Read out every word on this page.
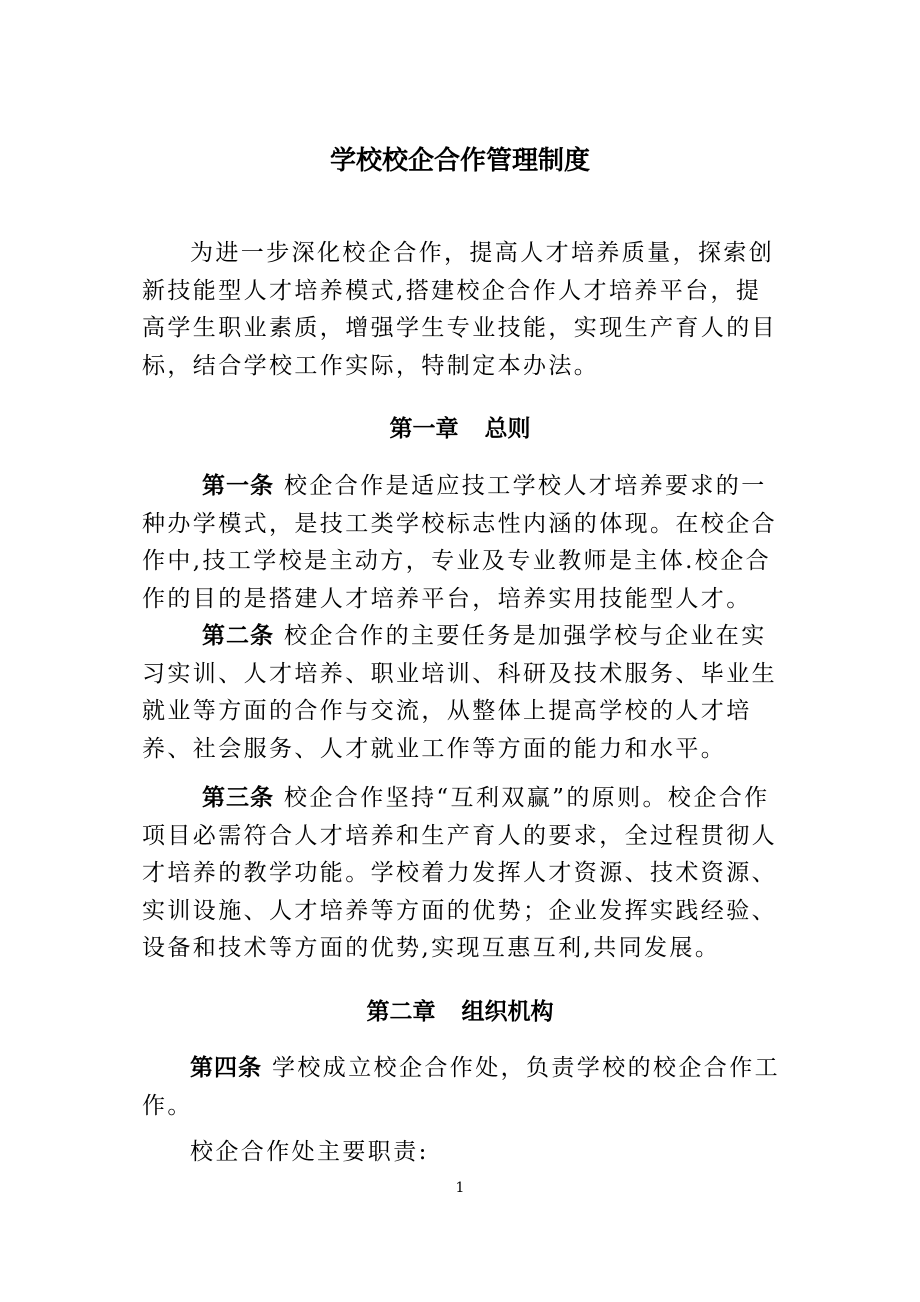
学校校企合作管理制度

为进一步深化校企合作，提高人才培养质量，探索创新技能型人才培养模式,搭建校企合作人才培养平台，提高学生职业素质，增强学生专业技能，实现生产育人的目标，结合学校工作实际，特制定本办法。

第一章 总则

第一条 校企合作是适应技工学校人才培养要求的一种办学模式，是技工类学校标志性内涵的体现。在校企合作中,技工学校是主动方，专业及专业教师是主体.校企合作的目的是搭建人才培养平台，培养实用技能型人才。

第二条 校企合作的主要任务是加强学校与企业在实习实训、人才培养、职业培训、科研及技术服务、毕业生就业等方面的合作与交流，从整体上提高学校的人才培养、社会服务、人才就业工作等方面的能力和水平。

第三条 校企合作坚持“互利双赢”的原则。校企合作项目必需符合人才培养和生产育人的要求，全过程贯彻人才培养的教学功能。学校着力发挥人才资源、技术资源、实训设施、人才培养等方面的优势；企业发挥实践经验、设备和技术等方面的优势,实现互惠互利,共同发展。

第二章 组织机构

第四条 学校成立校企合作处，负责学校的校企合作工作。

校企合作处主要职责:

1
